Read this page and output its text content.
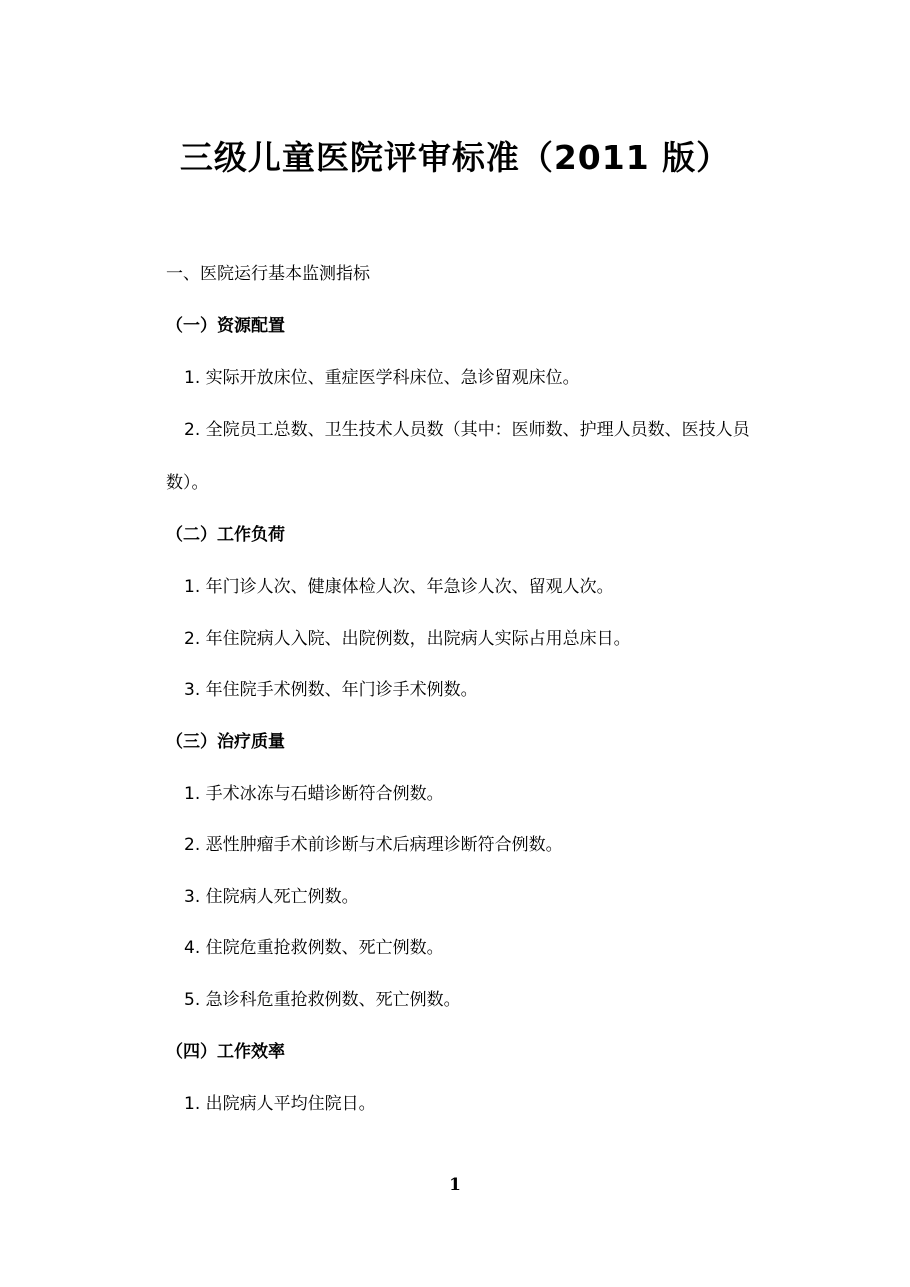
三级儿童医院评审标准（2011 版）
一、医院运行基本监测指标
（一）资源配置
1. 实际开放床位、重症医学科床位、急诊留观床位。
2. 全院员工总数、卫生技术人员数（其中：医师数、护理人员数、医技人员
数）。
（二）工作负荷
1. 年门诊人次、健康体检人次、年急诊人次、留观人次。
2. 年住院病人入院、出院例数，出院病人实际占用总床日。
3. 年住院手术例数、年门诊手术例数。
（三）治疗质量
1. 手术冰冻与石蜡诊断符合例数。
2. 恶性肿瘤手术前诊断与术后病理诊断符合例数。
3. 住院病人死亡例数。
4. 住院危重抢救例数、死亡例数。
5. 急诊科危重抢救例数、死亡例数。
（四）工作效率
1. 出院病人平均住院日。
1
